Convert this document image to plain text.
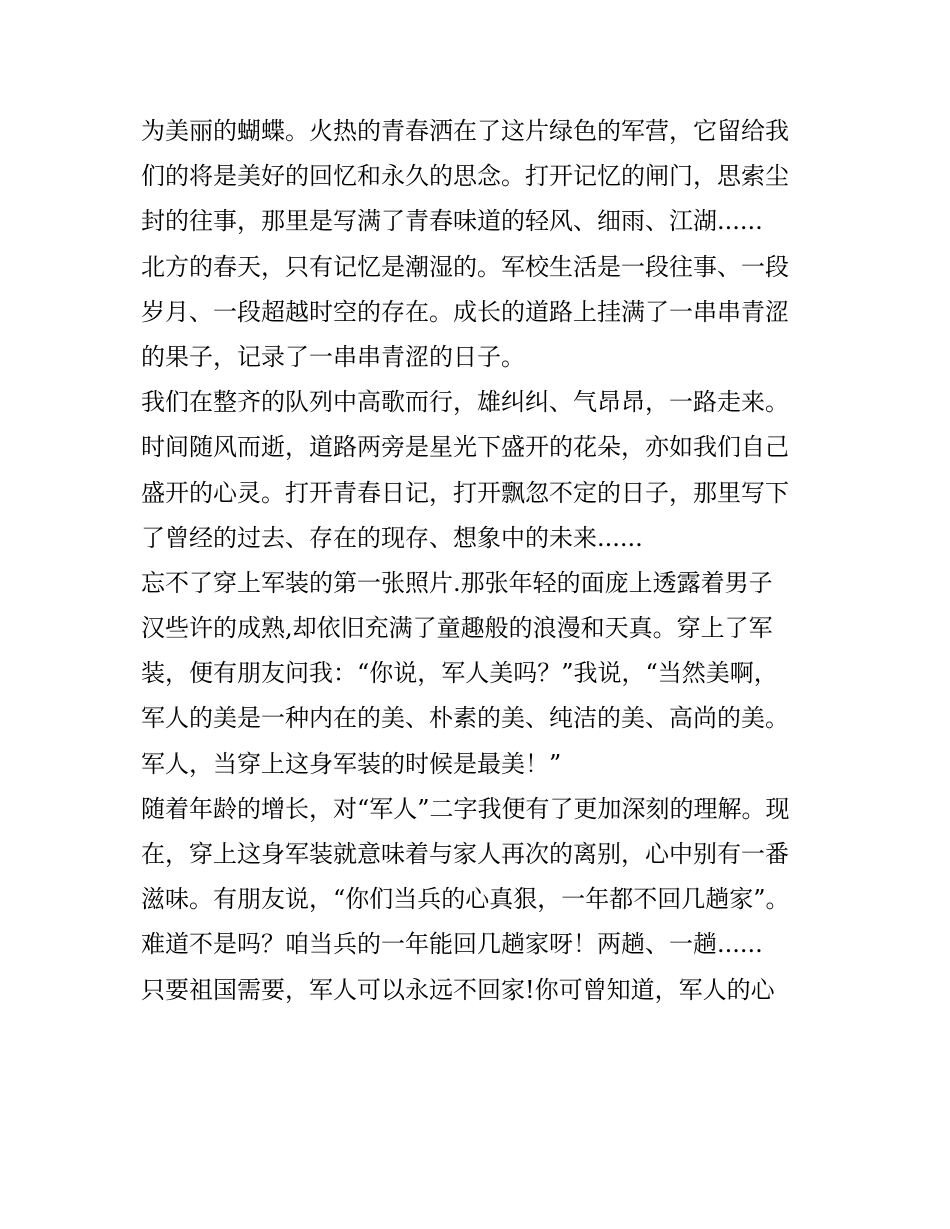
为美丽的蝴蝶。火热的青春洒在了这片绿色的军营，它留给我
们的将是美好的回忆和永久的思念。打开记忆的闸门，思索尘
封的往事，那里是写满了青春味道的轻风、细雨、江湖......
北方的春天，只有记忆是潮湿的。军校生活是一段往事、一段
岁月、一段超越时空的存在。成长的道路上挂满了一串串青涩
的果子，记录了一串串青涩的日子。
我们在整齐的队列中高歌而行，雄纠纠、气昂昂，一路走来。
时间随风而逝，道路两旁是星光下盛开的花朵，亦如我们自己
盛开的心灵。打开青春日记，打开飘忽不定的日子，那里写下
了曾经的过去、存在的现存、想象中的未来......
忘不了穿上军装的第一张照片.那张年轻的面庞上透露着男子
汉些许的成熟,却依旧充满了童趣般的浪漫和天真。穿上了军
装，便有朋友问我：“你说，军人美吗？”我说，“当然美啊，
军人的美是一种内在的美、朴素的美、纯洁的美、高尚的美。
军人，当穿上这身军装的时候是最美！”
随着年龄的增长，对“军人”二字我便有了更加深刻的理解。现
在，穿上这身军装就意味着与家人再次的离别，心中别有一番
滋味。有朋友说，“你们当兵的心真狠，一年都不回几趟家”。
难道不是吗？咱当兵的一年能回几趟家呀！两趟、一趟......
只要祖国需要，军人可以永远不回家!你可曾知道，军人的心
